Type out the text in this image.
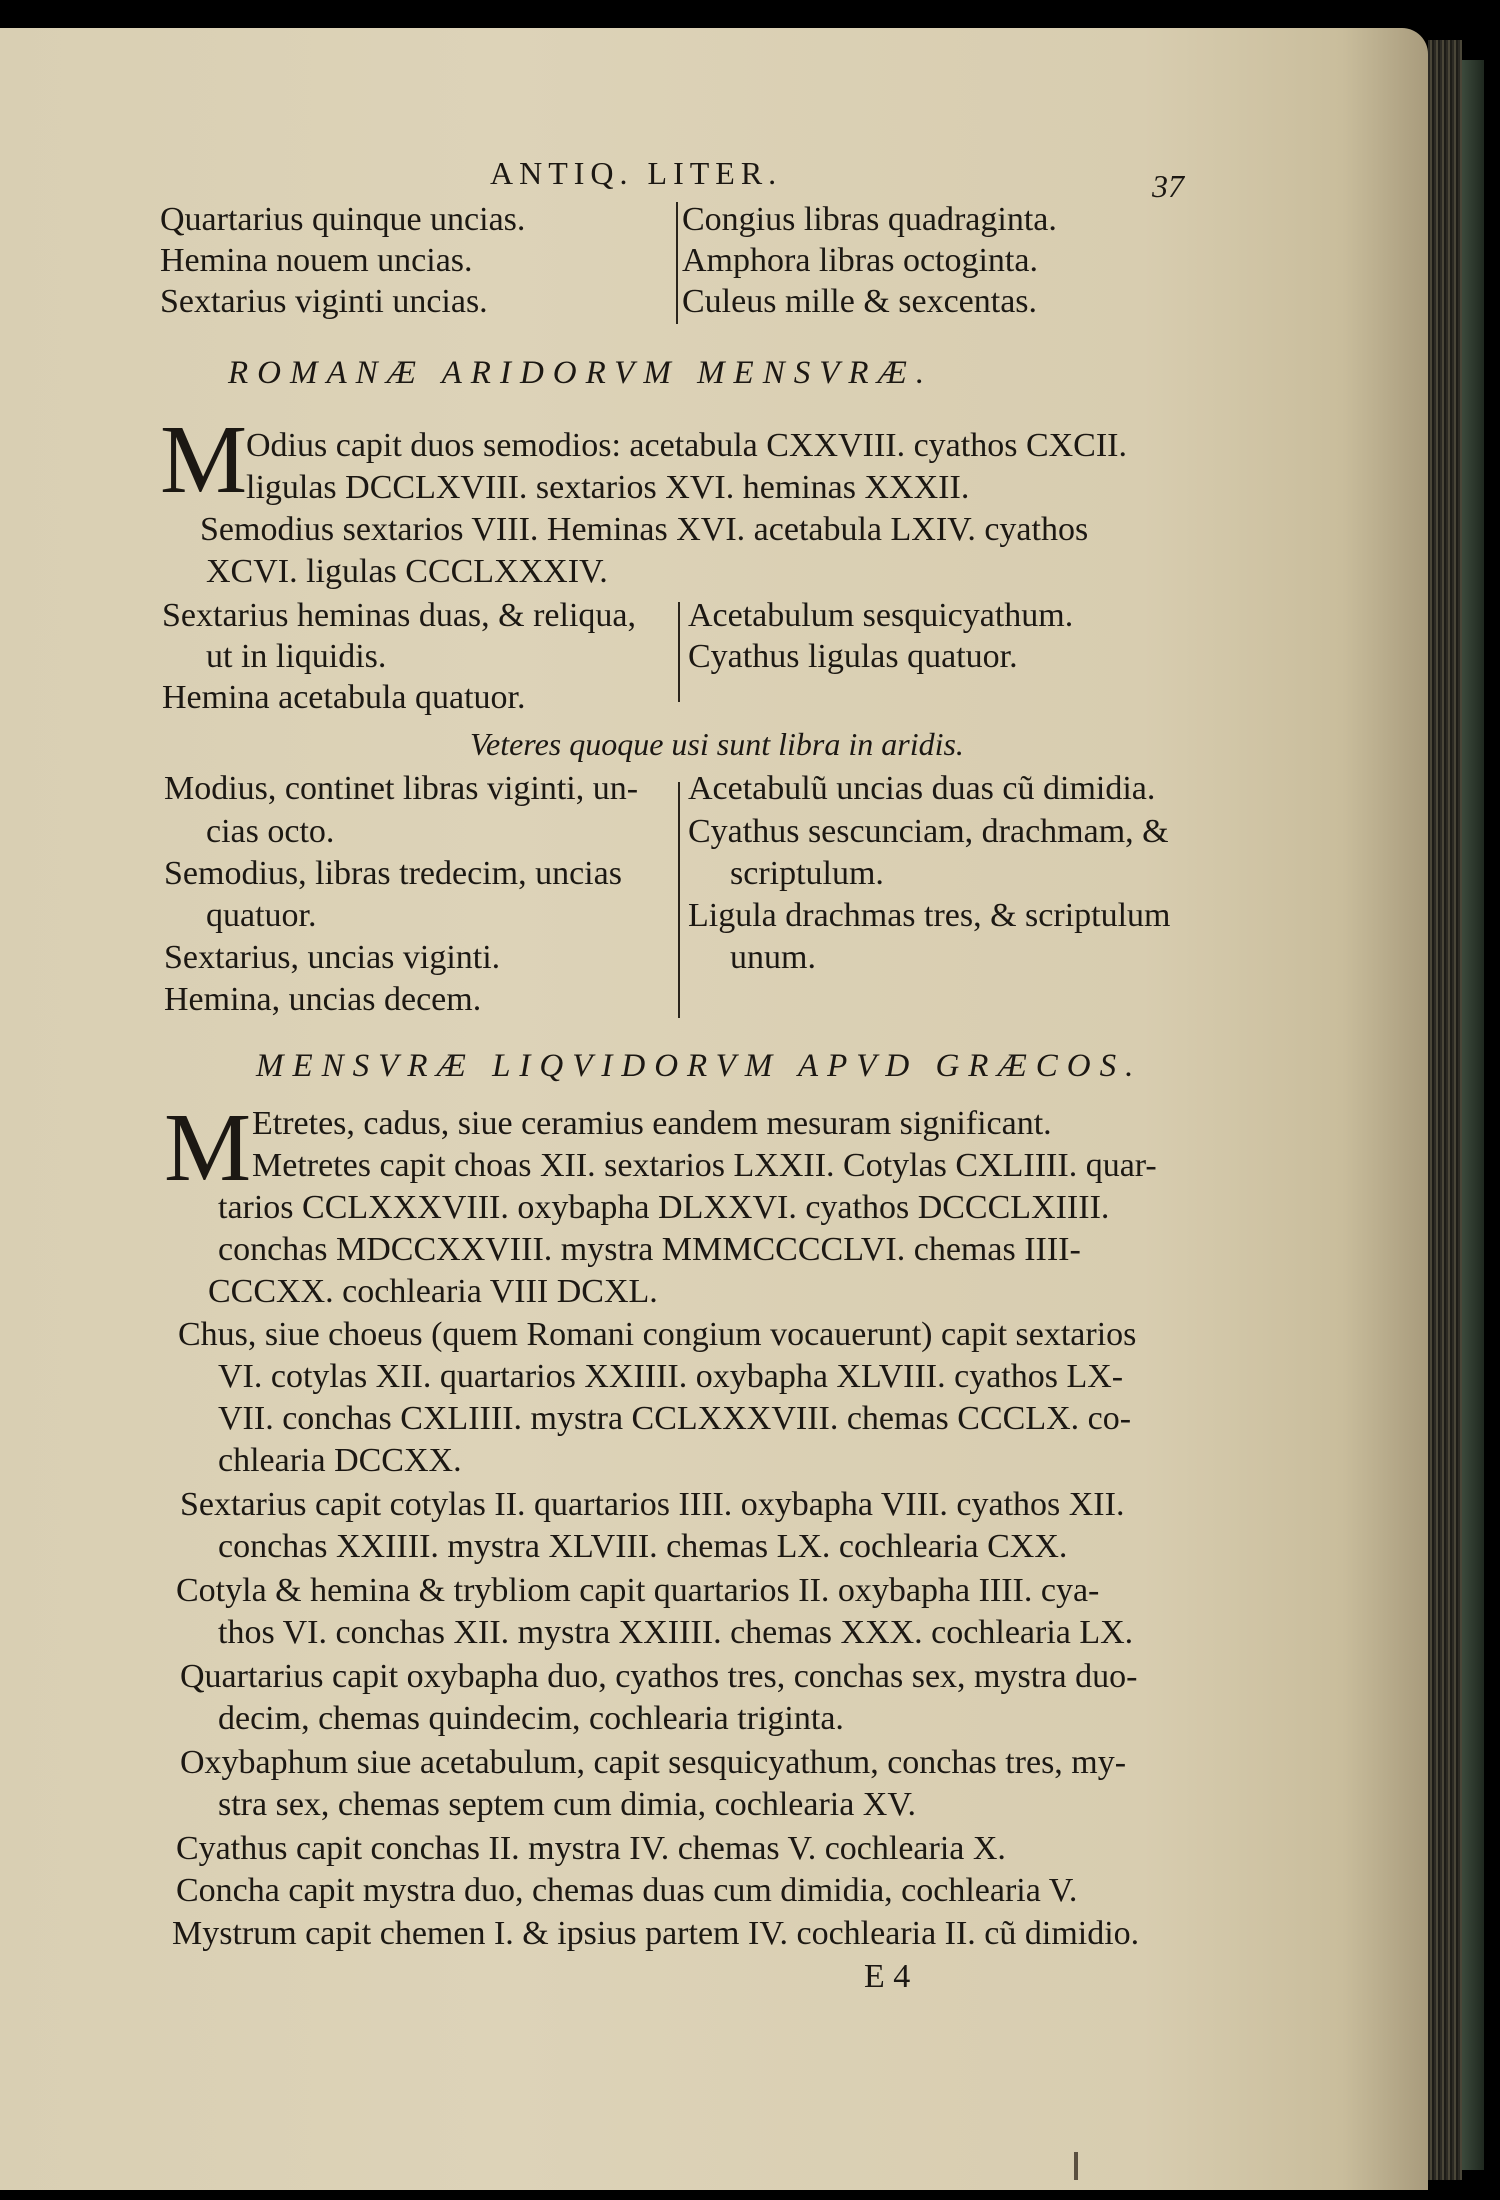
ANTIQ. LITER.	37
Quartarius quinque uncias.
Hemina nouem uncias.
Sextarius viginti uncias.
Congius libras quadraginta.
Amphora libras octoginta.
Culeus mille & sexcentas.
ROMANÆ ARIDORVM MENSVRÆ.
M
Odius capit duos semodios: acetabula CXXVIII. cyathos CXCII.
ligulas DCCLXVIII. sextarios XVI. heminas XXXII.
Semodius sextarios VIII. Heminas XVI. acetabula LXIV. cyathos
XCVI. ligulas CCCLXXXIV.
Sextarius heminas duas, & reliqua,
ut in liquidis.
Hemina acetabula quatuor.
Acetabulum sesquicyathum.
Cyathus ligulas quatuor.
Veteres quoque usi sunt libra in aridis.
Modius, continet libras viginti, un-
cias octo.
Semodius, libras tredecim, uncias
quatuor.
Sextarius, uncias viginti.
Hemina, uncias decem.
Acetabulũ uncias duas cũ dimidia.
Cyathus sescunciam, drachmam, &
scriptulum.
Ligula drachmas tres, & scriptulum
unum.
MENSVRÆ LIQVIDORVM APVD GRÆCOS.
M Etretes, cadus, siue ceramius eandem mesuram significant.
Metretes capit choas XII. sextarios LXXII. Cotylas CXLIIII. quar-
tarios CCLXXXVIII. oxybapha DLXXVI. cyathos DCCCLXIIII.
conchas MDCCXXVIII. mystra MMMCCCCLVI. chemas IIII-
CCCXX. cochlearia VIII DCXL.
Chus, siue choeus (quem Romani congium vocauerunt) capit sextarios
VI. cotylas XII. quartarios XXIIII. oxybapha XLVIII. cyathos LX-
VII. conchas CXLIIII. mystra CCLXXXVIII. chemas CCCLX. co-
chlearia DCCXX.
Sextarius capit cotylas II. quartarios IIII. oxybapha VIII. cyathos XII.
conchas XXIIII. mystra XLVIII. chemas LX. cochlearia CXX.
Cotyla & hemina & trybliom capit quartarios II. oxybapha IIII. cya-
thos VI. conchas XII. mystra XXIIII. chemas XXX. cochlearia LX.
Quartarius capit oxybapha duo, cyathos tres, conchas sex, mystra duo-
decim, chemas quindecim, cochlearia triginta.
Oxybaphum siue acetabulum, capit sesquicyathum, conchas tres, my-
stra sex, chemas septem cum dimia, cochlearia XV.
Cyathus capit conchas II. mystra IV. chemas V. cochlearia X.
Concha capit mystra duo, chemas duas cum dimidia, cochlearia V.
Mystrum capit chemen I. & ipsius partem IV. cochlearia II. cũ dimidio.
E 4
